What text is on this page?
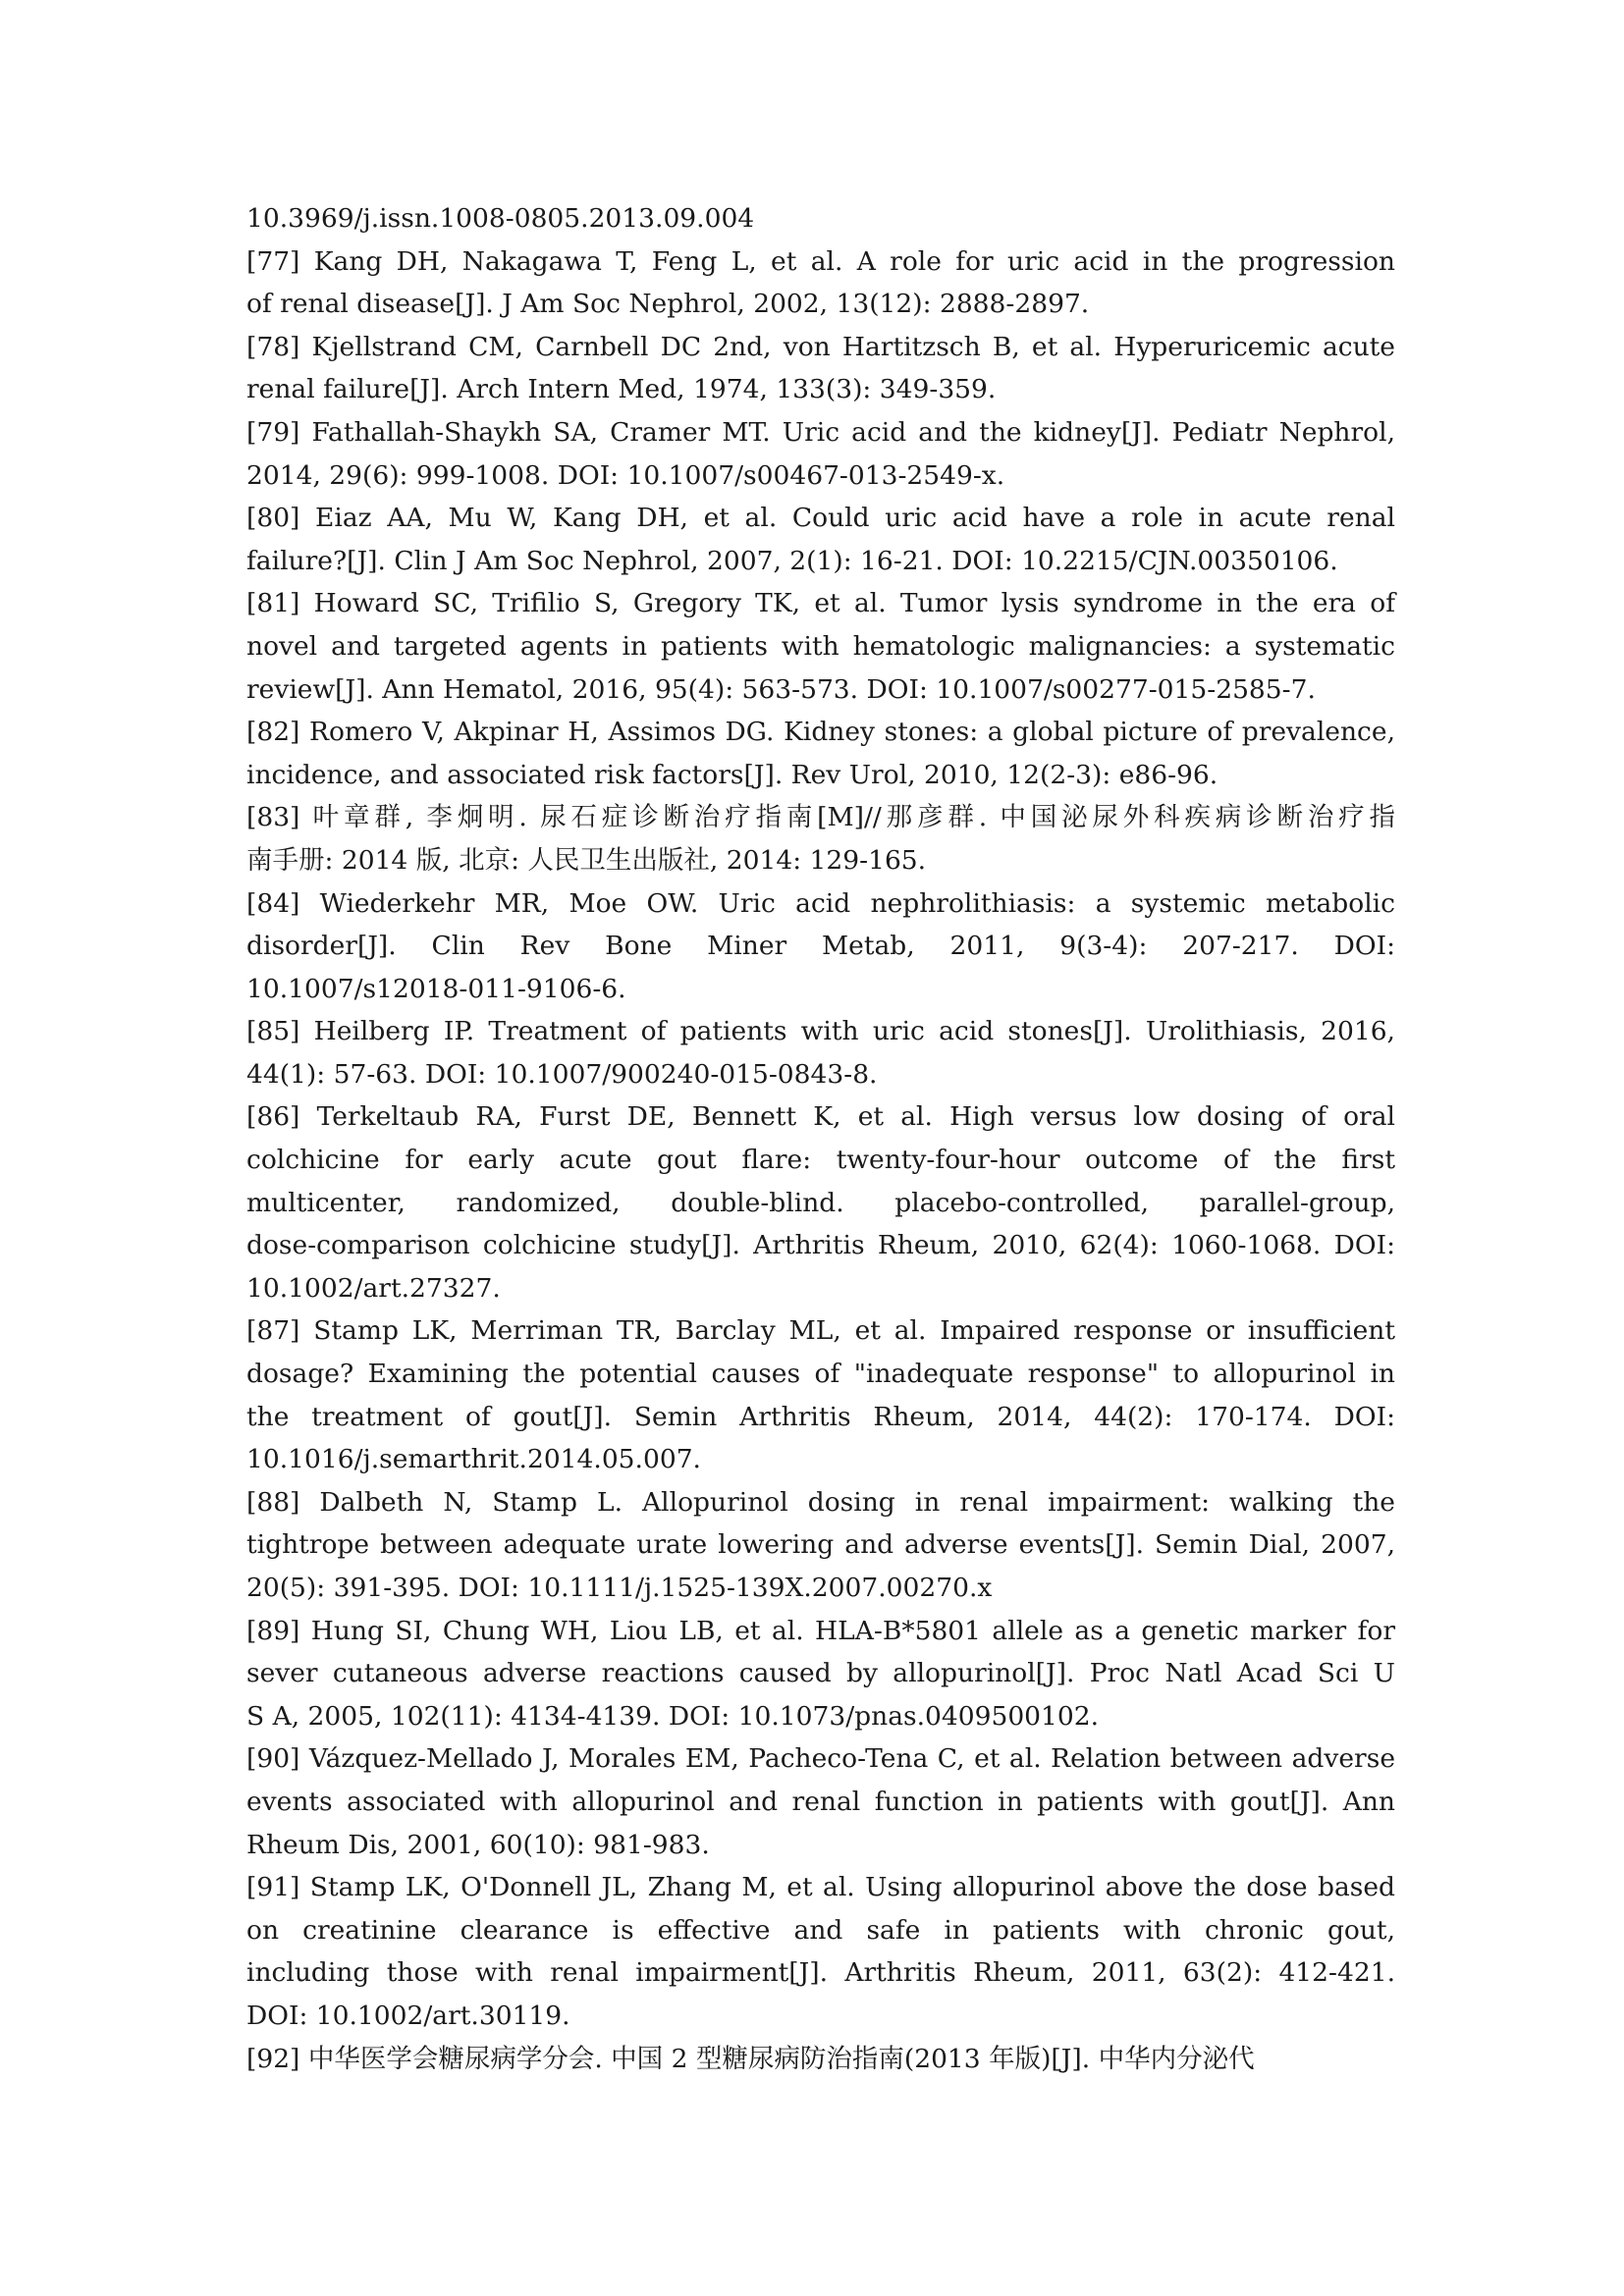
10.3969/j.issn.1008-0805.2013.09.004
[77] Kang DH, Nakagawa T, Feng L, et al. A role for uric acid in the progression
of renal disease[J]. J Am Soc Nephrol, 2002, 13(12): 2888-2897.
[78] Kjellstrand CM, Carnbell DC 2nd, von Hartitzsch B, et al. Hyperuricemic acute
renal failure[J]. Arch Intern Med, 1974, 133(3): 349-359.
[79] Fathallah-Shaykh SA, Cramer MT. Uric acid and the kidney[J]. Pediatr Nephrol,
2014, 29(6): 999-1008. DOI: 10.1007/s00467-013-2549-x.
[80] Eiaz AA, Mu W, Kang DH, et al. Could uric acid have a role in acute renal
failure?[J]. Clin J Am Soc Nephrol, 2007, 2(1): 16-21. DOI: 10.2215/CJN.00350106.
[81] Howard SC, Trifilio S, Gregory TK, et al. Tumor lysis syndrome in the era of
novel and targeted agents in patients with hematologic malignancies: a systematic
review[J]. Ann Hematol, 2016, 95(4): 563-573. DOI: 10.1007/s00277-015-2585-7.
[82] Romero V, Akpinar H, Assimos DG. Kidney stones: a global picture of prevalence,
incidence, and associated risk factors[J]. Rev Urol, 2010, 12(2-3): e86-96.
[83] 叶章群, 李炯明. 尿石症诊断治疗指南[M]//那彦群. 中国泌尿外科疾病诊断治疗指
南手册: 2014 版, 北京: 人民卫生出版社, 2014: 129-165.
[84] Wiederkehr MR, Moe OW. Uric acid nephrolithiasis: a systemic metabolic
disorder[J]. Clin Rev Bone Miner Metab, 2011, 9(3-4): 207-217. DOI:
10.1007/s12018-011-9106-6.
[85] Heilberg IP. Treatment of patients with uric acid stones[J]. Urolithiasis, 2016,
44(1): 57-63. DOI: 10.1007/900240-015-0843-8.
[86] Terkeltaub RA, Furst DE, Bennett K, et al. High versus low dosing of oral
colchicine for early acute gout flare: twenty-four-hour outcome of the first
multicenter, randomized, double-blind. placebo-controlled, parallel-group,
dose-comparison colchicine study[J]. Arthritis Rheum, 2010, 62(4): 1060-1068. DOI:
10.1002/art.27327.
[87] Stamp LK, Merriman TR, Barclay ML, et al. Impaired response or insufficient
dosage? Examining the potential causes of "inadequate response" to allopurinol in
the treatment of gout[J]. Semin Arthritis Rheum, 2014, 44(2): 170-174. DOI:
10.1016/j.semarthrit.2014.05.007.
[88] Dalbeth N, Stamp L. Allopurinol dosing in renal impairment: walking the
tightrope between adequate urate lowering and adverse events[J]. Semin Dial, 2007,
20(5): 391-395. DOI: 10.1111/j.1525-139X.2007.00270.x
[89] Hung SI, Chung WH, Liou LB, et al. HLA-B*5801 allele as a genetic marker for
sever cutaneous adverse reactions caused by allopurinol[J]. Proc Natl Acad Sci U
S A, 2005, 102(11): 4134-4139. DOI: 10.1073/pnas.0409500102.
[90] Vázquez-Mellado J, Morales EM, Pacheco-Tena C, et al. Relation between adverse
events associated with allopurinol and renal function in patients with gout[J]. Ann
Rheum Dis, 2001, 60(10): 981-983.
[91] Stamp LK, O'Donnell JL, Zhang M, et al. Using allopurinol above the dose based
on creatinine clearance is effective and safe in patients with chronic gout,
including those with renal impairment[J]. Arthritis Rheum, 2011, 63(2): 412-421.
DOI: 10.1002/art.30119.
[92] 中华医学会糖尿病学分会. 中国 2 型糖尿病防治指南(2013 年版)[J]. 中华内分泌代
